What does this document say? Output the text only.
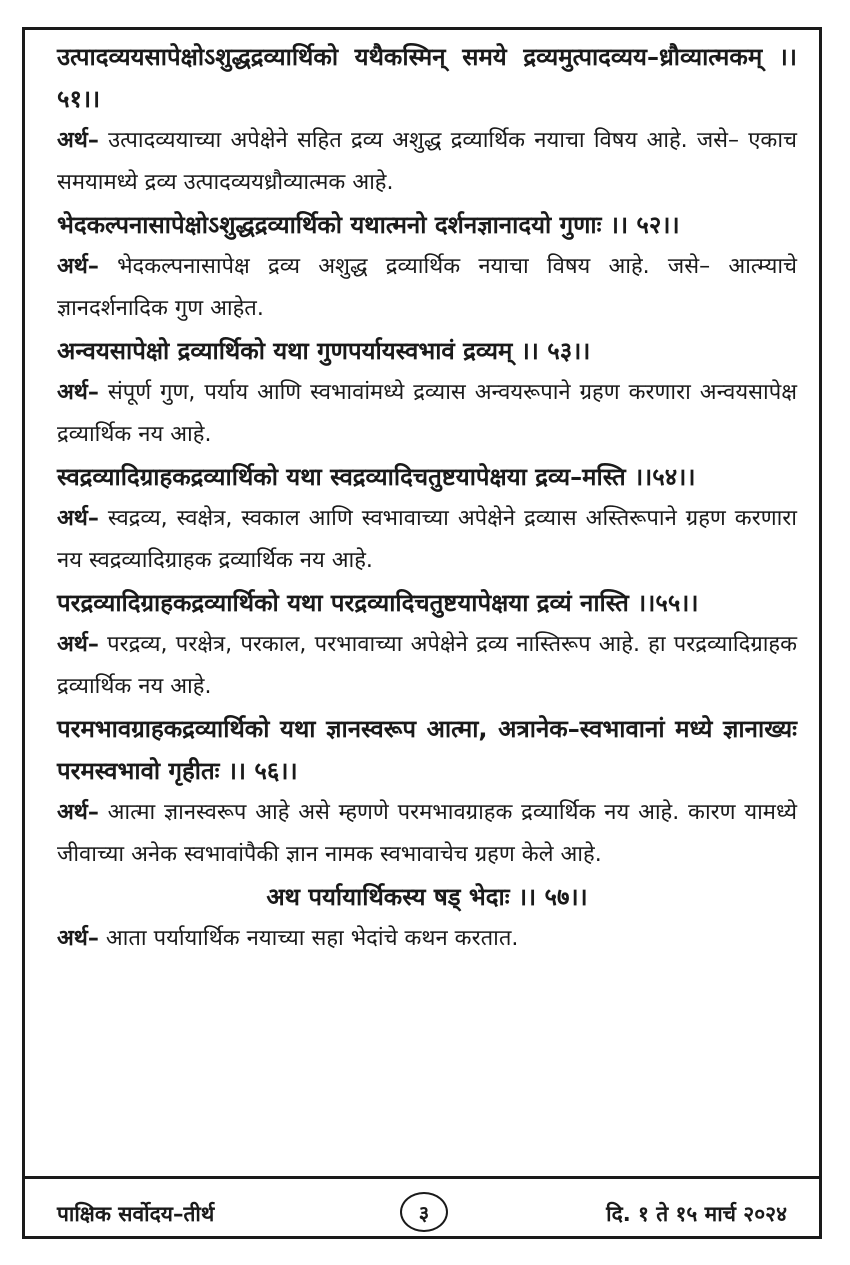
उत्पादव्ययसापेक्षोऽशुद्धद्रव्यार्थिको यथैकस्मिन् समये द्रव्यमुत्पादव्यय–ध्रौव्यात्मकम् ।। ५१।।
अर्थ– उत्पादव्ययाच्या अपेक्षेने सहित द्रव्य अशुद्ध द्रव्यार्थिक नयाचा विषय आहे. जसे– एकाच समयामध्ये द्रव्य उत्पादव्ययध्रौव्यात्मक आहे.
भेदकल्पनासापेक्षोऽशुद्धद्रव्यार्थिको यथात्मनो दर्शनज्ञानादयो गुणाः ।। ५२।।
अर्थ– भेदकल्पनासापेक्ष द्रव्य अशुद्ध द्रव्यार्थिक नयाचा विषय आहे. जसे– आत्म्याचे ज्ञानदर्शनादिक गुण आहेत.
अन्वयसापेक्षो द्रव्यार्थिको यथा गुणपर्यायस्वभावं द्रव्यम् ।। ५३।।
अर्थ– संपूर्ण गुण, पर्याय आणि स्वभावांमध्ये द्रव्यास अन्वयरूपाने ग्रहण करणारा अन्वयसापेक्ष द्रव्यार्थिक नय आहे.
स्वद्रव्यादिग्राहकद्रव्यार्थिको यथा स्वद्रव्यादिचतुष्टयापेक्षया द्रव्य–मस्ति ।।५४।।
अर्थ– स्वद्रव्य, स्वक्षेत्र, स्वकाल आणि स्वभावाच्या अपेक्षेने द्रव्यास अस्तिरूपाने ग्रहण करणारा नय स्वद्रव्यादिग्राहक द्रव्यार्थिक नय आहे.
परद्रव्यादिग्राहकद्रव्यार्थिको यथा परद्रव्यादिचतुष्टयापेक्षया द्रव्यं नास्ति ।।५५।।
अर्थ– परद्रव्य, परक्षेत्र, परकाल, परभावाच्या अपेक्षेने द्रव्य नास्तिरूप आहे. हा परद्रव्यादिग्राहक द्रव्यार्थिक नय आहे.
परमभावग्राहकद्रव्यार्थिको यथा ज्ञानस्वरूप आत्मा, अत्रानेक–स्वभावानां मध्ये ज्ञानाख्यः परमस्वभावो गृहीतः ।। ५६।।
अर्थ– आत्मा ज्ञानस्वरूप आहे असे म्हणणे परमभावग्राहक द्रव्यार्थिक नय आहे. कारण यामध्ये जीवाच्या अनेक स्वभावांपैकी ज्ञान नामक स्वभावाचेच ग्रहण केले आहे.
अथ पर्यायार्थिकस्य षड् भेदाः ।। ५७।।
अर्थ– आता पर्यायार्थिक नयाच्या सहा भेदांचे कथन करतात.
पाक्षिक सर्वोदय–तीर्थ	३	दि. १ ते १५ मार्च २०२४
